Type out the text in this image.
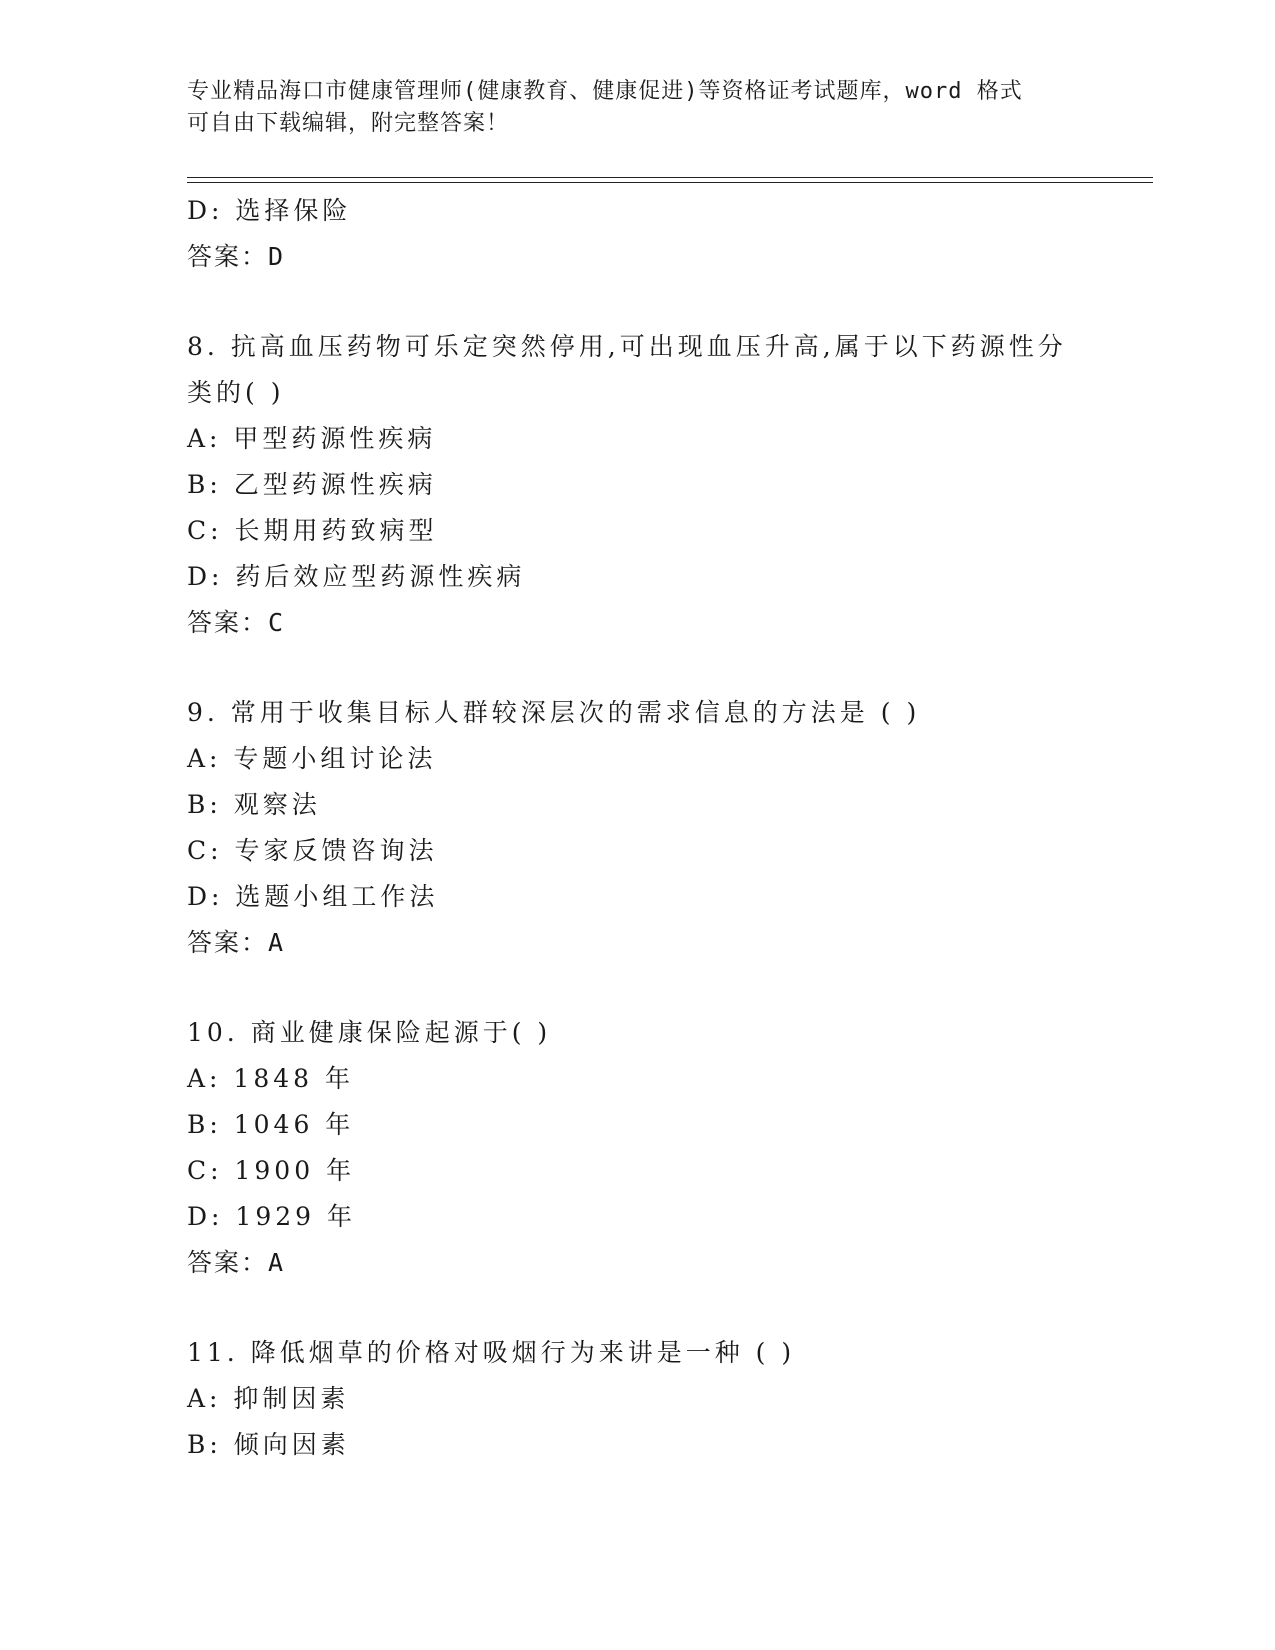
专业精品海口市健康管理师(健康教育、健康促进)等资格证考试题库，word 格式
可自由下载编辑，附完整答案！
D: 选择保险
答案：D
8. 抗高血压药物可乐定突然停用,可出现血压升高,属于以下药源性分
类的( )
A: 甲型药源性疾病
B: 乙型药源性疾病
C: 长期用药致病型
D: 药后效应型药源性疾病
答案：C
9. 常用于收集目标人群较深层次的需求信息的方法是 ( )
A: 专题小组讨论法
B: 观察法
C: 专家反馈咨询法
D: 选题小组工作法
答案：A
10. 商业健康保险起源于( )
A: 1848 年
B: 1046 年
C: 1900 年
D: 1929 年
答案：A
11. 降低烟草的价格对吸烟行为来讲是一种 ( )
A: 抑制因素
B: 倾向因素
